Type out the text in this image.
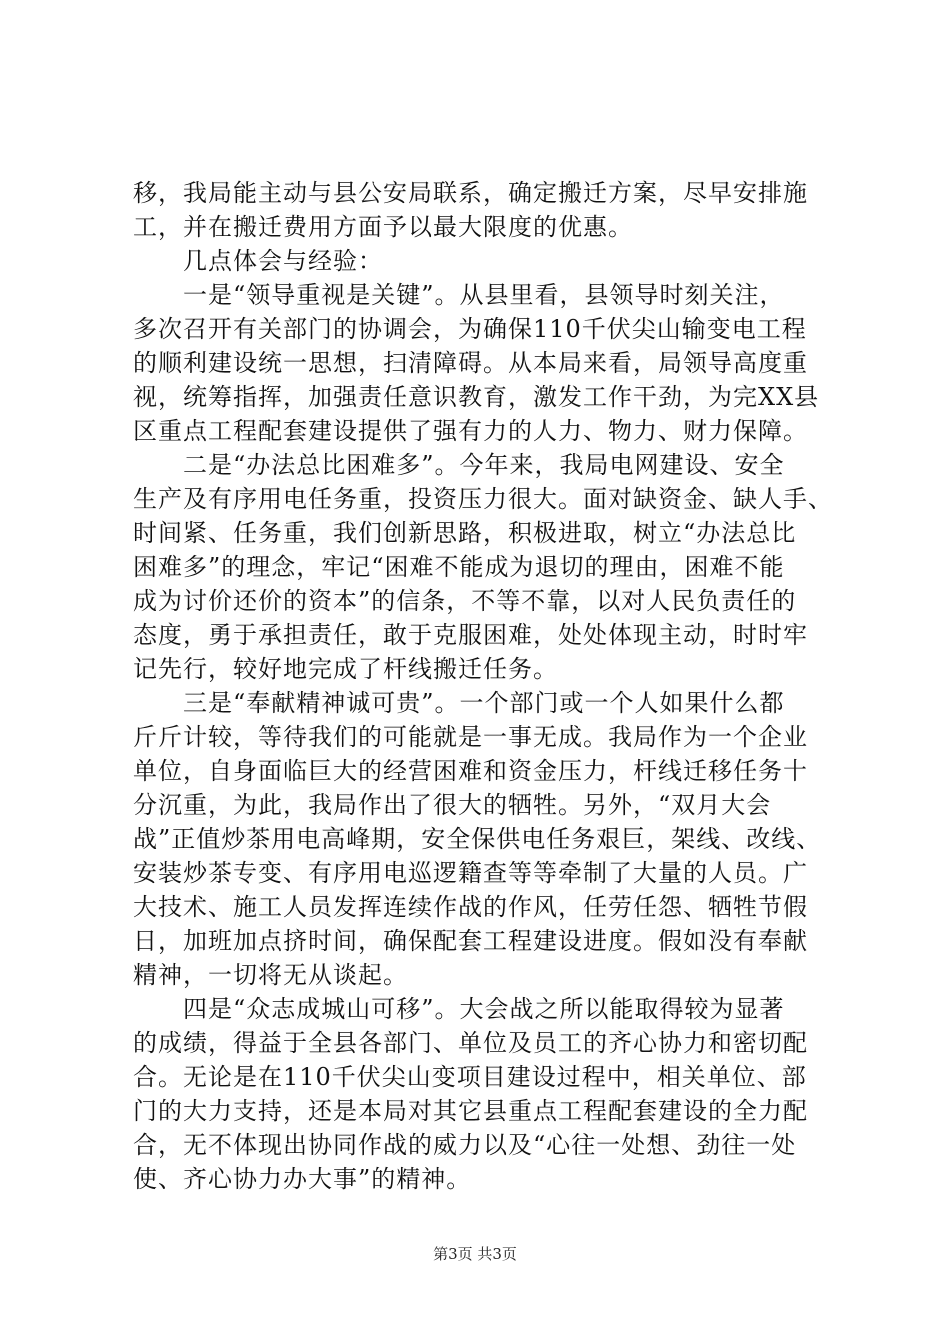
移，我局能主动与县公安局联系，确定搬迁方案，尽早安排施
工，并在搬迁费用方面予以最大限度的优惠。
几点体会与经验：
一是“领导重视是关键”。从县里看，县领导时刻关注，
多次召开有关部门的协调会，为确保110千伏尖山输变电工程
的顺利建设统一思想，扫清障碍。从本局来看，局领导高度重
视，统筹指挥，加强责任意识教育，激发工作干劲，为完XX县
区重点工程配套建设提供了强有力的人力、物力、财力保障。
二是“办法总比困难多”。今年来，我局电网建设、安全
生产及有序用电任务重，投资压力很大。面对缺资金、缺人手、
时间紧、任务重，我们创新思路，积极进取，树立“办法总比
困难多”的理念，牢记“困难不能成为退切的理由，困难不能
成为讨价还价的资本”的信条，不等不靠，以对人民负责任的
态度，勇于承担责任，敢于克服困难，处处体现主动，时时牢
记先行，较好地完成了杆线搬迁任务。
三是“奉献精神诚可贵”。一个部门或一个人如果什么都
斤斤计较，等待我们的可能就是一事无成。我局作为一个企业
单位，自身面临巨大的经营困难和资金压力，杆线迁移任务十
分沉重，为此，我局作出了很大的牺牲。另外，“双月大会
战”正值炒茶用电高峰期，安全保供电任务艰巨，架线、改线、
安装炒茶专变、有序用电巡逻籍查等等牵制了大量的人员。广
大技术、施工人员发挥连续作战的作风，任劳任怨、牺牲节假
日，加班加点挤时间，确保配套工程建设进度。假如没有奉献
精神，一切将无从谈起。
四是“众志成城山可移”。大会战之所以能取得较为显著
的成绩，得益于全县各部门、单位及员工的齐心协力和密切配
合。无论是在110千伏尖山变项目建设过程中，相关单位、部
门的大力支持，还是本局对其它县重点工程配套建设的全力配
合，无不体现出协同作战的威力以及“心往一处想、劲往一处
使、齐心协力办大事”的精神。
第3页 共3页
